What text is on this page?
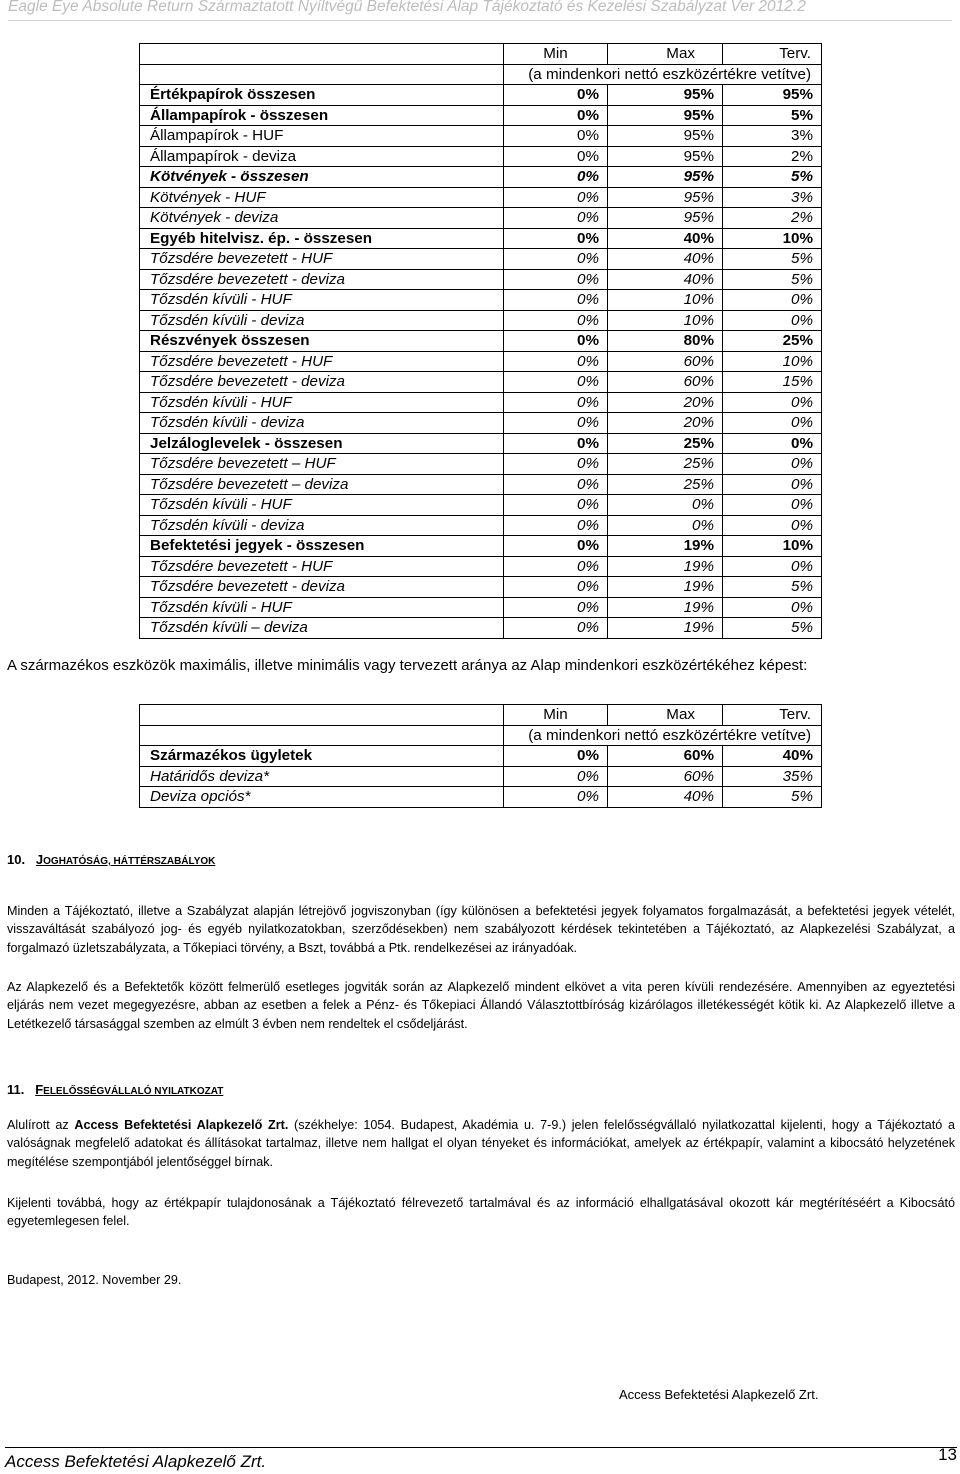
Eagle Eye Absolute Return Származtatott Nyíltvégű Befektetési Alap Tájékoztató és Kezelési Szabályzat Ver 2012.2
	Min	Max	Terv.
	(a mindenkori nettó eszközértékre vetítve)		
Értékpapírok összesen	0%	95%	95%
Állampapírok - összesen	0%	95%	5%
Állampapírok - HUF	0%	95%	3%
Állampapírok - deviza	0%	95%	2%
Kötvények - összesen	0%	95%	5%
Kötvények - HUF	0%	95%	3%
Kötvények - deviza	0%	95%	2%
Egyéb hitelvisz. ép. - összesen	0%	40%	10%
Tőzsdére bevezetett - HUF	0%	40%	5%
Tőzsdére bevezetett - deviza	0%	40%	5%
Tőzsdén kívüli - HUF	0%	10%	0%
Tőzsdén kívüli - deviza	0%	10%	0%
Részvények összesen	0%	80%	25%
Tőzsdére bevezetett - HUF	0%	60%	10%
Tőzsdére bevezetett - deviza	0%	60%	15%
Tőzsdén kívüli - HUF	0%	20%	0%
Tőzsdén kívüli - deviza	0%	20%	0%
Jelzáloglevelek - összesen	0%	25%	0%
Tőzsdére bevezetett – HUF	0%	25%	0%
Tőzsdére bevezetett – deviza	0%	25%	0%
Tőzsdén kívüli - HUF	0%	0%	0%
Tőzsdén kívüli - deviza	0%	0%	0%
Befektetési jegyek - összesen	0%	19%	10%
Tőzsdére bevezetett - HUF	0%	19%	0%
Tőzsdére bevezetett - deviza	0%	19%	5%
Tőzsdén kívüli - HUF	0%	19%	0%
Tőzsdén kívüli – deviza	0%	19%	5%
A származékos eszközök maximális, illetve minimális vagy tervezett aránya az Alap mindenkori eszközértékéhez képest:
	Min	Max	Terv.
	(a mindenkori nettó eszközértékre vetítve)		
Származékos ügyletek	0%	60%	40%
Határidős deviza*	0%	60%	35%
Deviza opciós*	0%	40%	5%
10. JOGHATÓSÁG, HÁTTÉRSZABÁLYOK
Minden a Tájékoztató, illetve a Szabályzat alapján létrejövő jogviszonyban (így különösen a befektetési jegyek folyamatos forgalmazását, a befektetési jegyek vételét, visszaváltását szabályozó jog- és egyéb nyilatkozatokban, szerződésekben) nem szabályozott kérdések tekintetében a Tájékoztató, az Alapkezelési Szabályzat, a forgalmazó üzletszabályzata, a Tőkepiaci törvény, a Bszt, továbbá a Ptk. rendelkezései az irányadóak.
Az Alapkezelő és a Befektetők között felmerülő esetleges jogviták során az Alapkezelő mindent elkövet a vita peren kívüli rendezésére. Amennyiben az egyeztetési eljárás nem vezet megegyezésre, abban az esetben a felek a Pénz- és Tőkepiaci Állandó Választottbíróság kizárólagos illetékességét kötik ki. Az Alapkezelő illetve a Letétkezelő társasággal szemben az elmúlt 3 évben nem rendeltek el csődeljárást.
11. FELELŐSSÉGVÁLLALÓ NYILATKOZAT
Alulírott az Access Befektetési Alapkezelő Zrt. (székhelye: 1054. Budapest, Akadémia u. 7-9.) jelen felelősségvállaló nyilatkozattal kijelenti, hogy a Tájékoztató a valóságnak megfelelő adatokat és állításokat tartalmaz, illetve nem hallgat el olyan tényeket és információkat, amelyek az értékpapír, valamint a kibocsátó helyzetének megítélése szempontjából jelentőséggel bírnak.
Kijelenti továbbá, hogy az értékpapír tulajdonosának a Tájékoztató félrevezető tartalmával és az információ elhallgatásával okozott kár megtérítéséért a Kibocsátó egyetemlegesen felel.
Budapest, 2012. November 29.
Access Befektetési Alapkezelő Zrt.
Access Befektetési Alapkezelő Zrt.	13
